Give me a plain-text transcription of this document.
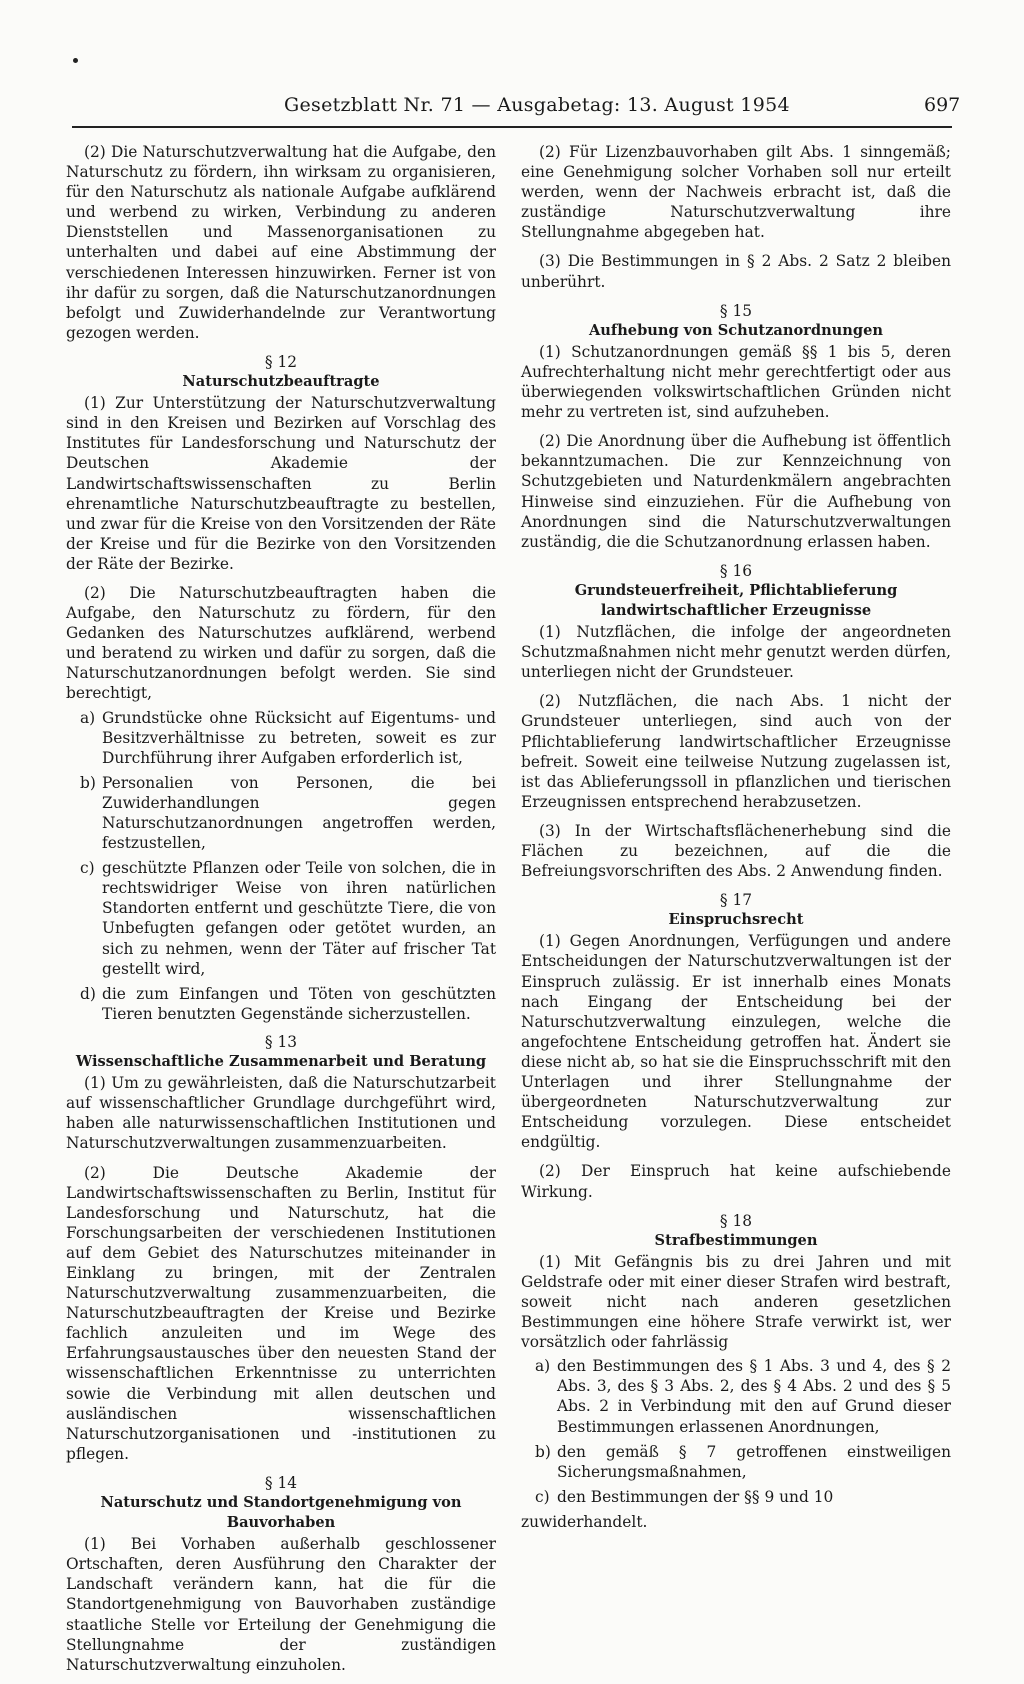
Gesetzblatt Nr. 71 — Ausgabetag: 13. August 1954	697

(2) Die Naturschutzverwaltung hat die Aufgabe, den Naturschutz zu fördern, ihn wirksam zu organisieren, für den Naturschutz als nationale Aufgabe aufklärend und werbend zu wirken, Verbindung zu anderen Dienststellen und Massenorganisationen zu unterhalten und dabei auf eine Abstimmung der verschiedenen Interessen hinzuwirken. Ferner ist von ihr dafür zu sorgen, daß die Naturschutzanordnungen befolgt und Zuwiderhandelnde zur Verantwortung gezogen werden.

§ 12
Naturschutzbeauftragte

(1) Zur Unterstützung der Naturschutzverwaltung sind in den Kreisen und Bezirken auf Vorschlag des Institutes für Landesforschung und Naturschutz der Deutschen Akademie der Landwirtschaftswissenschaften zu Berlin ehrenamtliche Naturschutzbeauftragte zu bestellen, und zwar für die Kreise von den Vorsitzenden der Räte der Kreise und für die Bezirke von den Vorsitzenden der Räte der Bezirke.

(2) Die Naturschutzbeauftragten haben die Aufgabe, den Naturschutz zu fördern, für den Gedanken des Naturschutzes aufklärend, werbend und beratend zu wirken und dafür zu sorgen, daß die Naturschutzanordnungen befolgt werden. Sie sind berechtigt,

a) Grundstücke ohne Rücksicht auf Eigentums- und Besitzverhältnisse zu betreten, soweit es zur Durchführung ihrer Aufgaben erforderlich ist,
b) Personalien von Personen, die bei Zuwiderhandlungen gegen Naturschutzanordnungen angetroffen werden, festzustellen,
c) geschützte Pflanzen oder Teile von solchen, die in rechtswidriger Weise von ihren natürlichen Standorten entfernt und geschützte Tiere, die von Unbefugten gefangen oder getötet wurden, an sich zu nehmen, wenn der Täter auf frischer Tat gestellt wird,
d) die zum Einfangen und Töten von geschützten Tieren benutzten Gegenstände sicherzustellen.
§ 13
Wissenschaftliche Zusammenarbeit und Beratung

(1) Um zu gewährleisten, daß die Naturschutzarbeit auf wissenschaftlicher Grundlage durchgeführt wird, haben alle naturwissenschaftlichen Institutionen und Naturschutzverwaltungen zusammenzuarbeiten.

(2) Die Deutsche Akademie der Landwirtschaftswissenschaften zu Berlin, Institut für Landesforschung und Naturschutz, hat die Forschungsarbeiten der verschiedenen Institutionen auf dem Gebiet des Naturschutzes miteinander in Einklang zu bringen, mit der Zentralen Naturschutzverwaltung zusammenzuarbeiten, die Naturschutzbeauftragten der Kreise und Bezirke fachlich anzuleiten und im Wege des Erfahrungsaustausches über den neuesten Stand der wissenschaftlichen Erkenntnisse zu unterrichten sowie die Verbindung mit allen deutschen und ausländischen wissenschaftlichen Naturschutzorganisationen und -institutionen zu pflegen.

§ 14
Naturschutz und Standortgenehmigung von Bauvorhaben

(1) Bei Vorhaben außerhalb geschlossener Ortschaften, deren Ausführung den Charakter der Landschaft verändern kann, hat die für die Standortgenehmigung von Bauvorhaben zuständige staatliche Stelle vor Erteilung der Genehmigung die Stellungnahme der zuständigen Naturschutzverwaltung einzuholen.

(2) Für Lizenzbauvorhaben gilt Abs. 1 sinngemäß; eine Genehmigung solcher Vorhaben soll nur erteilt werden, wenn der Nachweis erbracht ist, daß die zuständige Naturschutzverwaltung ihre Stellungnahme abgegeben hat.

(3) Die Bestimmungen in § 2 Abs. 2 Satz 2 bleiben unberührt.

§ 15
Aufhebung von Schutzanordnungen

(1) Schutzanordnungen gemäß §§ 1 bis 5, deren Aufrechterhaltung nicht mehr gerechtfertigt oder aus überwiegenden volkswirtschaftlichen Gründen nicht mehr zu vertreten ist, sind aufzuheben.

(2) Die Anordnung über die Aufhebung ist öffentlich bekanntzumachen. Die zur Kennzeichnung von Schutzgebieten und Naturdenkmälern angebrachten Hinweise sind einzuziehen. Für die Aufhebung von Anordnungen sind die Naturschutzverwaltungen zuständig, die die Schutzanordnung erlassen haben.

§ 16
Grundsteuerfreiheit, Pflichtablieferung
landwirtschaftlicher Erzeugnisse

(1) Nutzflächen, die infolge der angeordneten Schutzmaßnahmen nicht mehr genutzt werden dürfen, unterliegen nicht der Grundsteuer.

(2) Nutzflächen, die nach Abs. 1 nicht der Grundsteuer unterliegen, sind auch von der Pflichtablieferung landwirtschaftlicher Erzeugnisse befreit. Soweit eine teilweise Nutzung zugelassen ist, ist das Ablieferungssoll in pflanzlichen und tierischen Erzeugnissen entsprechend herabzusetzen.

(3) In der Wirtschaftsflächenerhebung sind die Flächen zu bezeichnen, auf die die Befreiungsvorschriften des Abs. 2 Anwendung finden.

§ 17
Einspruchsrecht

(1) Gegen Anordnungen, Verfügungen und andere Entscheidungen der Naturschutzverwaltungen ist der Einspruch zulässig. Er ist innerhalb eines Monats nach Eingang der Entscheidung bei der Naturschutzverwaltung einzulegen, welche die angefochtene Entscheidung getroffen hat. Ändert sie diese nicht ab, so hat sie die Einspruchsschrift mit den Unterlagen und ihrer Stellungnahme der übergeordneten Naturschutzverwaltung zur Entscheidung vorzulegen. Diese entscheidet endgültig.

(2) Der Einspruch hat keine aufschiebende Wirkung.

§ 18
Strafbestimmungen

(1) Mit Gefängnis bis zu drei Jahren und mit Geldstrafe oder mit einer dieser Strafen wird bestraft, soweit nicht nach anderen gesetzlichen Bestimmungen eine höhere Strafe verwirkt ist, wer vorsätzlich oder fahrlässig

a) den Bestimmungen des § 1 Abs. 3 und 4, des § 2 Abs. 3, des § 3 Abs. 2, des § 4 Abs. 2 und des § 5 Abs. 2 in Verbindung mit den auf Grund dieser Bestimmungen erlassenen Anordnungen,
b) den gemäß § 7 getroffenen einstweiligen Sicherungsmaßnahmen,
c) den Bestimmungen der §§ 9 und 10

zuwiderhandelt.
